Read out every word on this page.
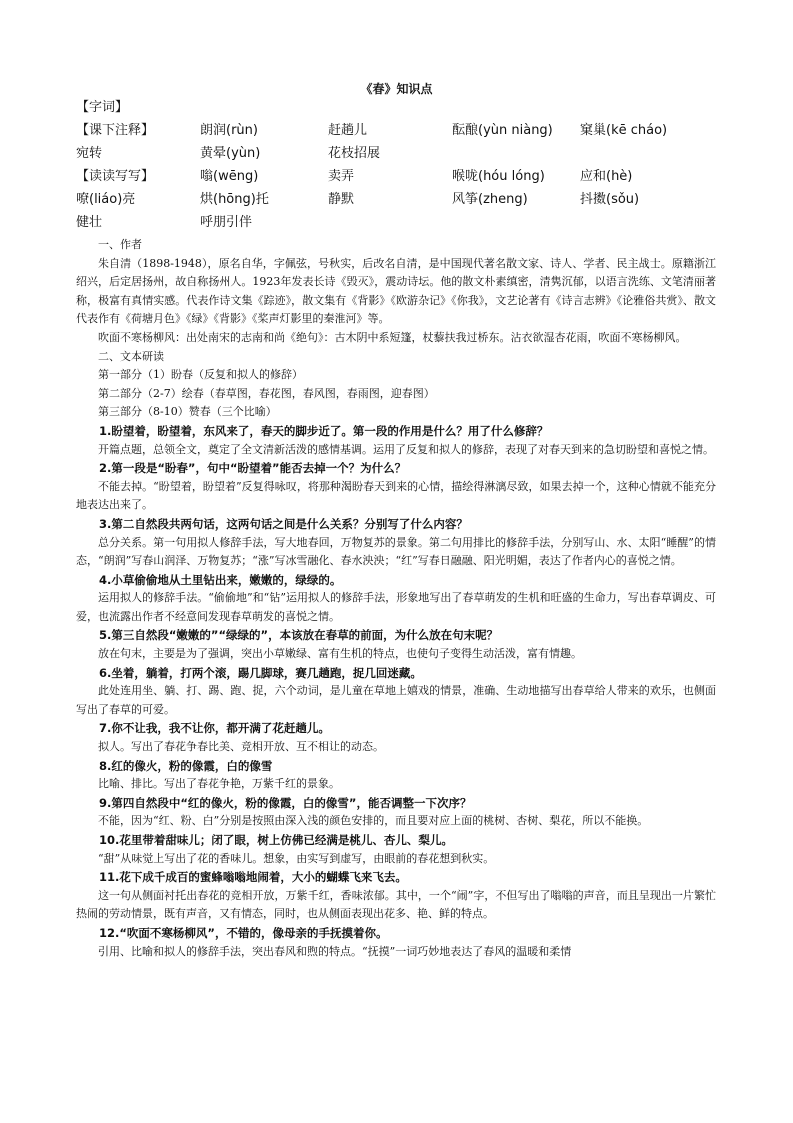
《春》知识点
【字词】
【课下注释】	朗润(rùn)	赶趟儿	酝酿(yùn niàng) 窠巢(kē cháo)
宛转	黄晕(yùn)	花枝招展
【读读写写】	嗡(wēng)	卖弄	喉咙(hóu lóng)	应和(hè)
嘹(liáo)亮	烘(hōng)托	静默	风筝(zheng)	抖擞(sǒu)
健壮	呼朋引伴

一、作者

朱自清（1898-1948），原名自华，字佩弦，号秋实，后改名自清，是中国现代著名散文家、诗人、学者、民主战士。原籍浙江绍兴，后定居扬州，故自称扬州人。1923年发表长诗《毁灭》，震动诗坛。他的散文朴素缜密，清隽沉郁，以语言洗练、文笔清丽著称，极富有真情实感。代表作诗文集《踪迹》，散文集有《背影》《欧游杂记》《你我》，文艺论著有《诗言志辨》《论雅俗共赏》、散文代表作有《荷塘月色》《绿》《背影》《桨声灯影里的秦淮河》等。

吹面不寒杨柳风：出处南宋的志南和尚《绝句》：古木阴中系短篷，杖藜扶我过桥东。沾衣欲湿杏花雨，吹面不寒杨柳风。

二、文本研读

第一部分（1）盼春（反复和拟人的修辞）

第二部分（2-7）绘春（春草图，春花图，春风图，春雨图，迎春图）

第三部分（8-10）赞春（三个比喻）

1.盼望着，盼望着，东风来了，春天的脚步近了。第一段的作用是什么？用了什么修辞？

开篇点题，总领全文，奠定了全文清新活泼的感情基调。运用了反复和拟人的修辞，表现了对春天到来的急切盼望和喜悦之情。

2.第一段是“盼春”，句中“盼望着”能否去掉一个？为什么？

不能去掉。“盼望着，盼望着”反复得咏叹，将那种渴盼春天到来的心情，描绘得淋漓尽致，如果去掉一个，这种心情就不能充分地表达出来了。

3.第二自然段共两句话，这两句话之间是什么关系？分别写了什么内容？

总分关系。第一句用拟人修辞手法，写大地春回，万物复苏的景象。第二句用排比的修辞手法，分别写山、水、太阳“睡醒”的情态，“朗润”写春山润泽、万物复苏；“涨”写冰雪融化、春水泱泱；“红”写春日融融、阳光明媚，表达了作者内心的喜悦之情。

4.小草偷偷地从土里钻出来，嫩嫩的，绿绿的。

运用拟人的修辞手法。“偷偷地”和“钻”运用拟人的修辞手法，形象地写出了春草萌发的生机和旺盛的生命力，写出春草调皮、可爱，也流露出作者不经意间发现春草萌发的喜悦之情。

5.第三自然段“嫩嫩的”“绿绿的”，本该放在春草的前面，为什么放在句末呢？

放在句末，主要是为了强调，突出小草嫩绿、富有生机的特点，也使句子变得生动活泼，富有情趣。

6.坐着，躺着，打两个滚，踢几脚球，赛几趟跑，捉几回迷藏。

此处连用坐、躺、打、踢、跑、捉，六个动词，是儿童在草地上嬉戏的情景，准确、生动地描写出春草给人带来的欢乐，也侧面写出了春草的可爱。

7.你不让我，我不让你，都开满了花赶趟儿。

拟人。写出了春花争春比美、竞相开放、互不相让的动态。

8.红的像火，粉的像霞，白的像雪

比喻、排比。写出了春花争艳，万紫千红的景象。

9.第四自然段中“红的像火，粉的像霞，白的像雪”，能否调整一下次序？

不能，因为“红、粉、白”分别是按照由深入浅的颜色安排的，而且要对应上面的桃树、杏树、梨花，所以不能换。

10.花里带着甜味儿；闭了眼，树上仿佛已经满是桃儿、杏儿、梨儿。

“甜”从味觉上写出了花的香味儿。想象，由实写到虚写，由眼前的春花想到秋实。

11.花下成千成百的蜜蜂嗡嗡地闹着，大小的蝴蝶飞来飞去。

这一句从侧面衬托出春花的竞相开放，万紫千红，香味浓郁。其中，一个“闹”字，不但写出了嗡嗡的声音，而且呈现出一片繁忙热闹的劳动情景，既有声音，又有情态，同时，也从侧面表现出花多、艳、鲜的特点。

12.“吹面不寒杨柳风”，不错的，像母亲的手抚摸着你。

引用、比喻和拟人的修辞手法，突出春风和煦的特点。“抚摸”一词巧妙地表达了春风的温暖和柔情
